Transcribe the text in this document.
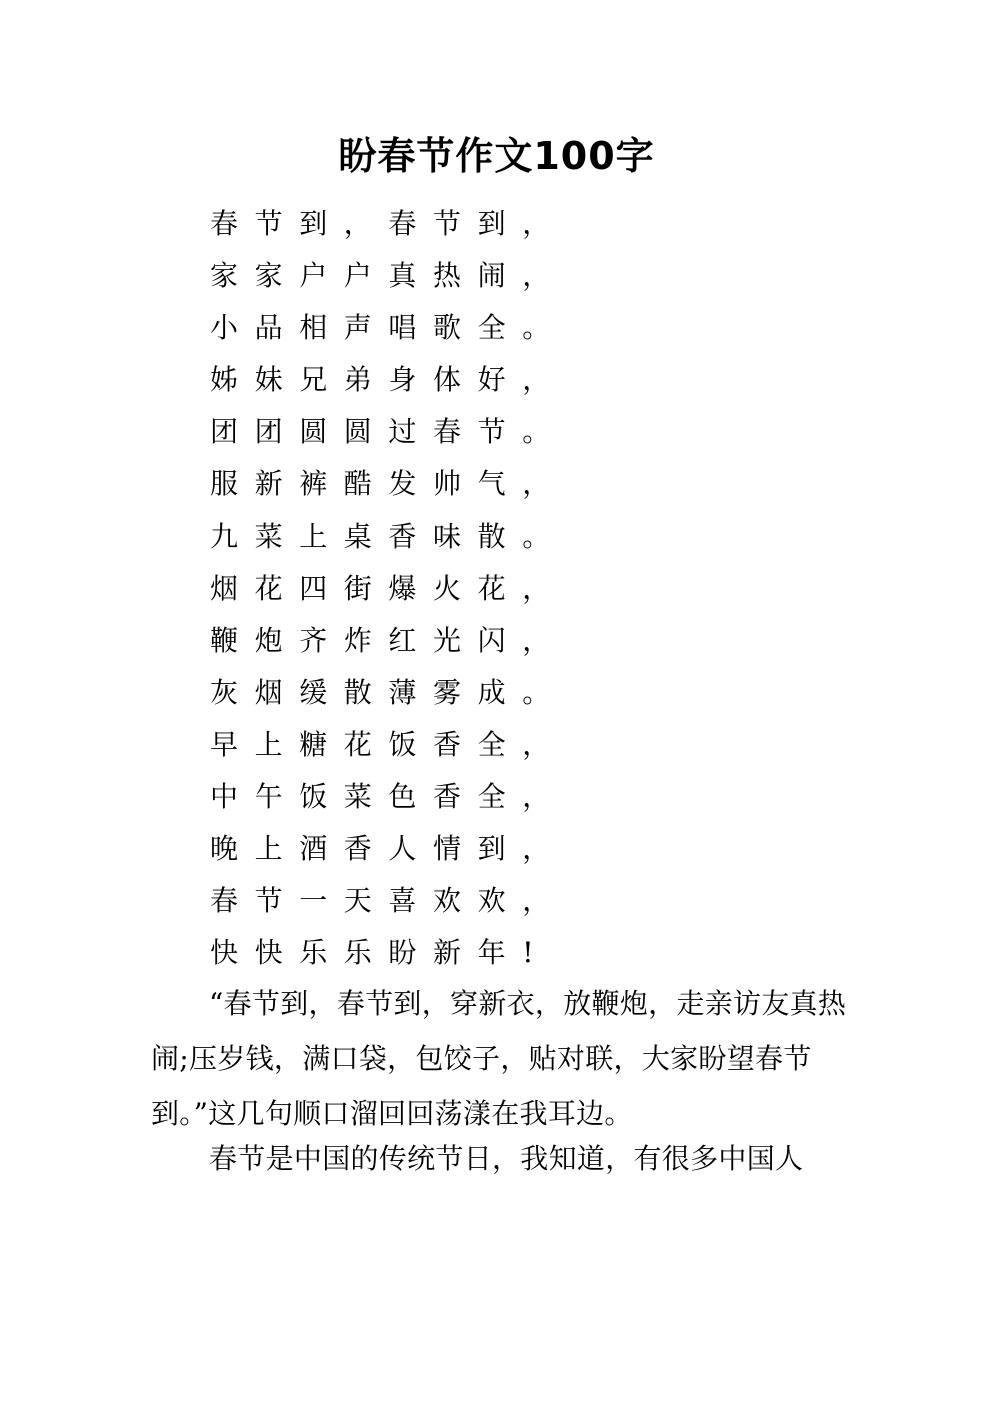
盼春节作文100字
春节到，春节到，
家家户户真热闹，
小品相声唱歌全。
姊妹兄弟身体好，
团团圆圆过春节。
服新裤酷发帅气，
九菜上桌香味散。
烟花四街爆火花，
鞭炮齐炸红光闪，
灰烟缓散薄雾成。
早上糖花饭香全，
中午饭菜色香全，
晚上酒香人情到，
春节一天喜欢欢，
快快乐乐盼新年!

“春节到，春节到，穿新衣，放鞭炮，走亲访友真热闹;压岁钱，满口袋，包饺子，贴对联，大家盼望春节到。”这几句顺口溜回回荡漾在我耳边。

春节是中国的传统节日，我知道，有很多中国人
